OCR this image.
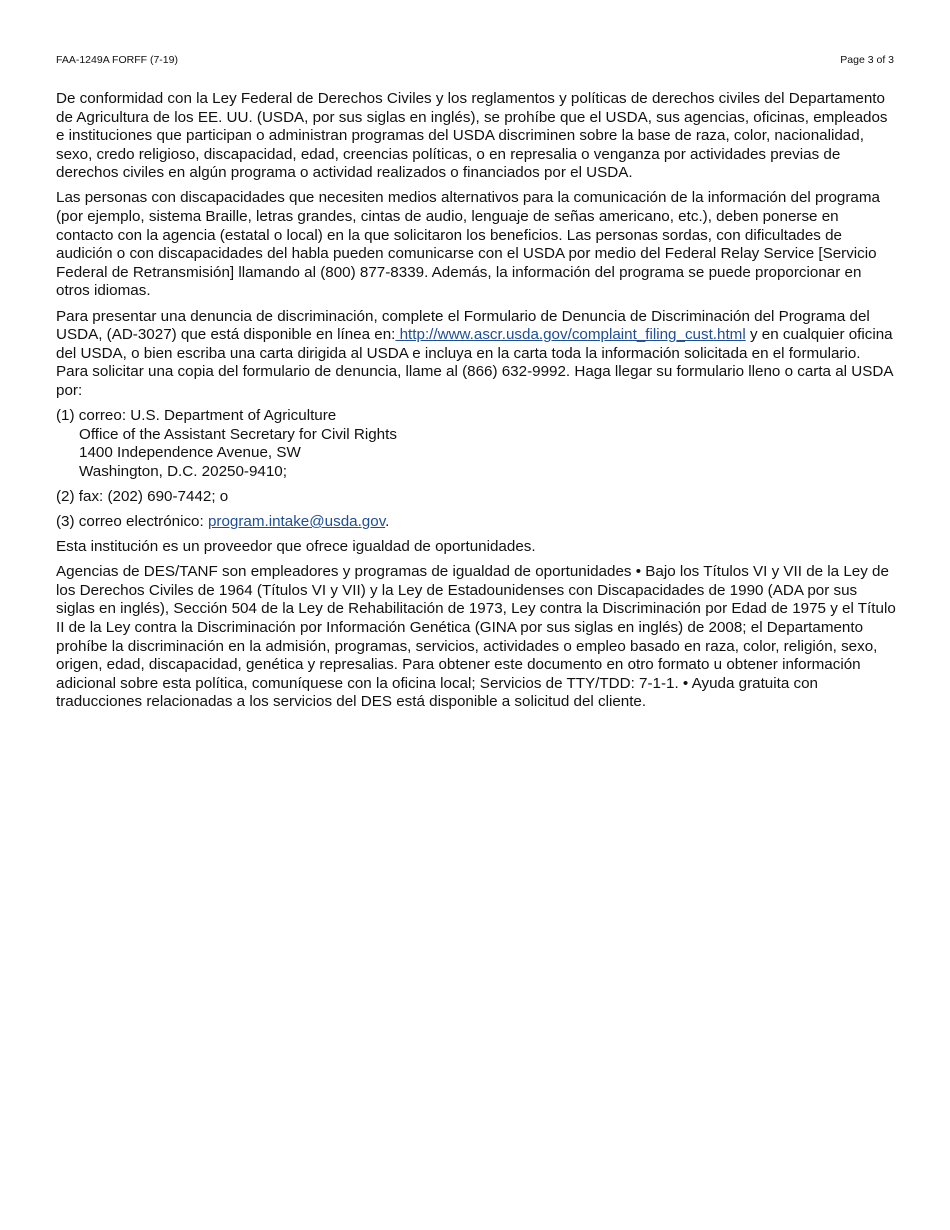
FAA-1249A FORFF (7-19)	Page 3 of 3

De conformidad con la Ley Federal de Derechos Civiles y los reglamentos y políticas de derechos civiles del Departamento de Agricultura de los EE. UU. (USDA, por sus siglas en inglés), se prohíbe que el USDA, sus agencias, oficinas, empleados e instituciones que participan o administran programas del USDA discriminen sobre la base de raza, color, nacionalidad, sexo, credo religioso, discapacidad, edad, creencias políticas, o en represalia o venganza por actividades previas de derechos civiles en algún programa o actividad realizados o financiados por el USDA.

Las personas con discapacidades que necesiten medios alternativos para la comunicación de la información del programa (por ejemplo, sistema Braille, letras grandes, cintas de audio, lenguaje de señas americano, etc.), deben ponerse en contacto con la agencia (estatal o local) en la que solicitaron los beneficios. Las personas sordas, con dificultades de audición o con discapacidades del habla pueden comunicarse con el USDA por medio del Federal Relay Service [Servicio Federal de Retransmisión] llamando al (800) 877-8339. Además, la información del programa se puede proporcionar en otros idiomas.

Para presentar una denuncia de discriminación, complete el Formulario de Denuncia de Discriminación del Programa del USDA, (AD-3027) que está disponible en línea en: http://www.ascr.usda.gov/complaint_filing_cust.html y en cualquier oficina del USDA, o bien escriba una carta dirigida al USDA e incluya en la carta toda la información solicitada en el formulario. Para solicitar una copia del formulario de denuncia, llame al (866) 632-9992. Haga llegar su formulario lleno o carta al USDA por:

(1) correo: U.S. Department of Agriculture
Office of the Assistant Secretary for Civil Rights
1400 Independence Avenue, SW
Washington, D.C. 20250-9410;

(2) fax: (202) 690-7442; o

(3) correo electrónico: program.intake@usda.gov.

Esta institución es un proveedor que ofrece igualdad de oportunidades.

Agencias de DES/TANF son empleadores y programas de igualdad de oportunidades • Bajo los Títulos VI y VII de la Ley de los Derechos Civiles de 1964 (Títulos VI y VII) y la Ley de Estadounidenses con Discapacidades de 1990 (ADA por sus siglas en inglés), Sección 504 de la Ley de Rehabilitación de 1973, Ley contra la Discriminación por Edad de 1975 y el Título II de la Ley contra la Discriminación por Información Genética (GINA por sus siglas en inglés) de 2008; el Departamento prohíbe la discriminación en la admisión, programas, servicios, actividades o empleo basado en raza, color, religión, sexo, origen, edad, discapacidad, genética y represalias. Para obtener este documento en otro formato u obtener información adicional sobre esta política, comuníquese con la oficina local; Servicios de TTY/TDD: 7-1-1. • Ayuda gratuita con traducciones relacionadas a los servicios del DES está disponible a solicitud del cliente.
